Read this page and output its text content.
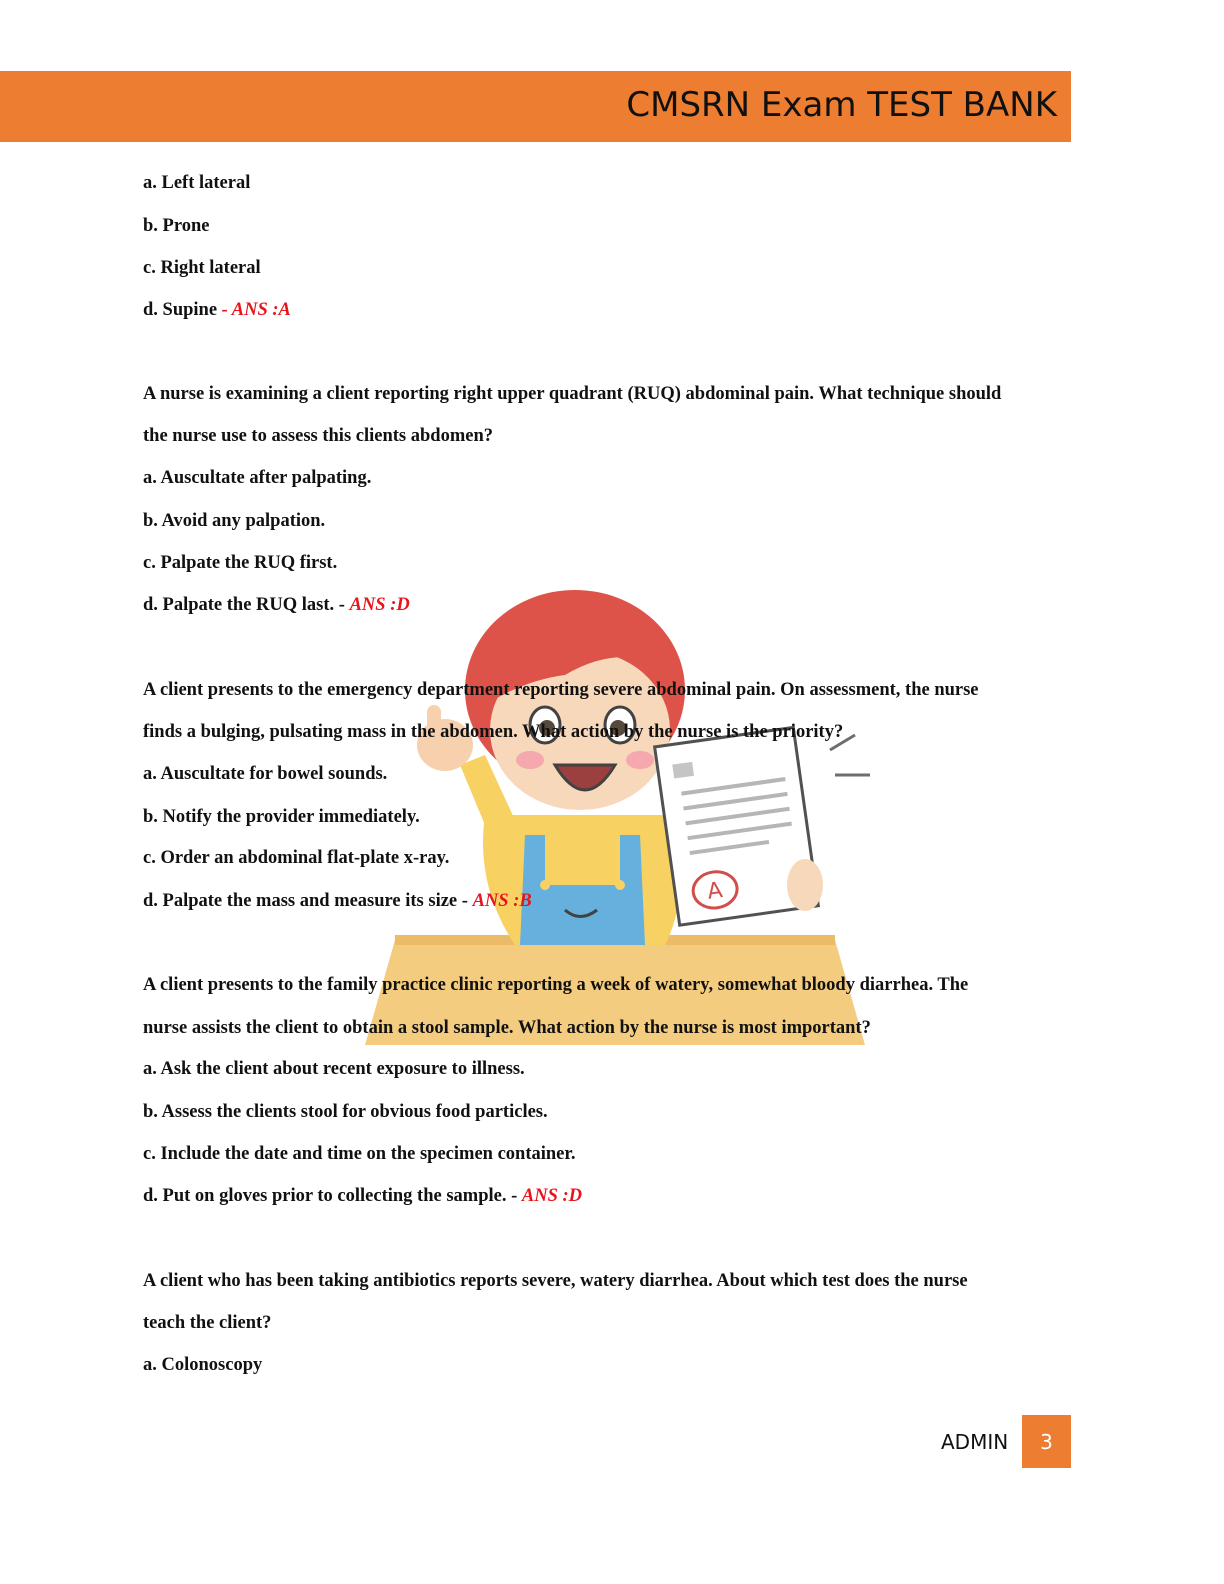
CMSRN Exam TEST BANK
A
a. Left lateral
b. Prone
c. Right lateral
d. Supine - ANS :A
A nurse is examining a client reporting right upper quadrant (RUQ) abdominal pain. What technique should
the nurse use to assess this clients abdomen?
a. Auscultate after palpating.
b. Avoid any palpation.
c. Palpate the RUQ first.
d. Palpate the RUQ last. - ANS :D
A client presents to the emergency department reporting severe abdominal pain. On assessment, the nurse
finds a bulging, pulsating mass in the abdomen. What action by the nurse is the priority?
a. Auscultate for bowel sounds.
b. Notify the provider immediately.
c. Order an abdominal flat-plate x-ray.
d. Palpate the mass and measure its size - ANS :B
A client presents to the family practice clinic reporting a week of watery, somewhat bloody diarrhea. The
nurse assists the client to obtain a stool sample. What action by the nurse is most important?
a. Ask the client about recent exposure to illness.
b. Assess the clients stool for obvious food particles.
c. Include the date and time on the specimen container.
d. Put on gloves prior to collecting the sample. - ANS :D
A client who has been taking antibiotics reports severe, watery diarrhea. About which test does the nurse
teach the client?
a. Colonoscopy
ADMIN 3
